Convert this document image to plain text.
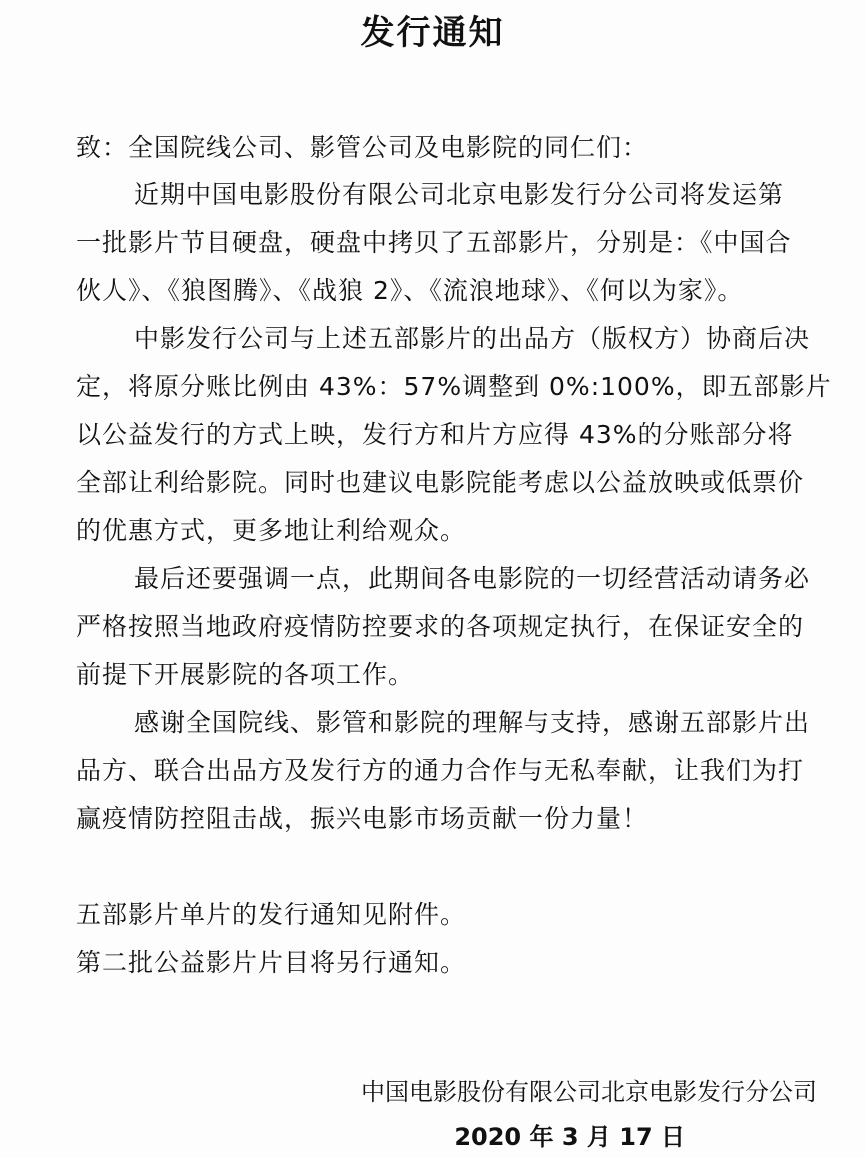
发行通知
致：全国院线公司、影管公司及电影院的同仁们：
近期中国电影股份有限公司北京电影发行分公司将发运第
一批影片节目硬盘，硬盘中拷贝了五部影片，分别是：《中国合
伙人》、《狼图腾》、《战狼 2》、《流浪地球》、《何以为家》。
中影发行公司与上述五部影片的出品方（版权方）协商后决
定，将原分账比例由 43%：57%调整到 0%:100%，即五部影片
以公益发行的方式上映，发行方和片方应得 43%的分账部分将
全部让利给影院。同时也建议电影院能考虑以公益放映或低票价
的优惠方式，更多地让利给观众。
最后还要强调一点，此期间各电影院的一切经营活动请务必
严格按照当地政府疫情防控要求的各项规定执行，在保证安全的
前提下开展影院的各项工作。
感谢全国院线、影管和影院的理解与支持，感谢五部影片出
品方、联合出品方及发行方的通力合作与无私奉献，让我们为打
赢疫情防控阻击战，振兴电影市场贡献一份力量！
五部影片单片的发行通知见附件。
第二批公益影片片目将另行通知。
中国电影股份有限公司北京电影发行分公司
2020 年 3 月 17 日
